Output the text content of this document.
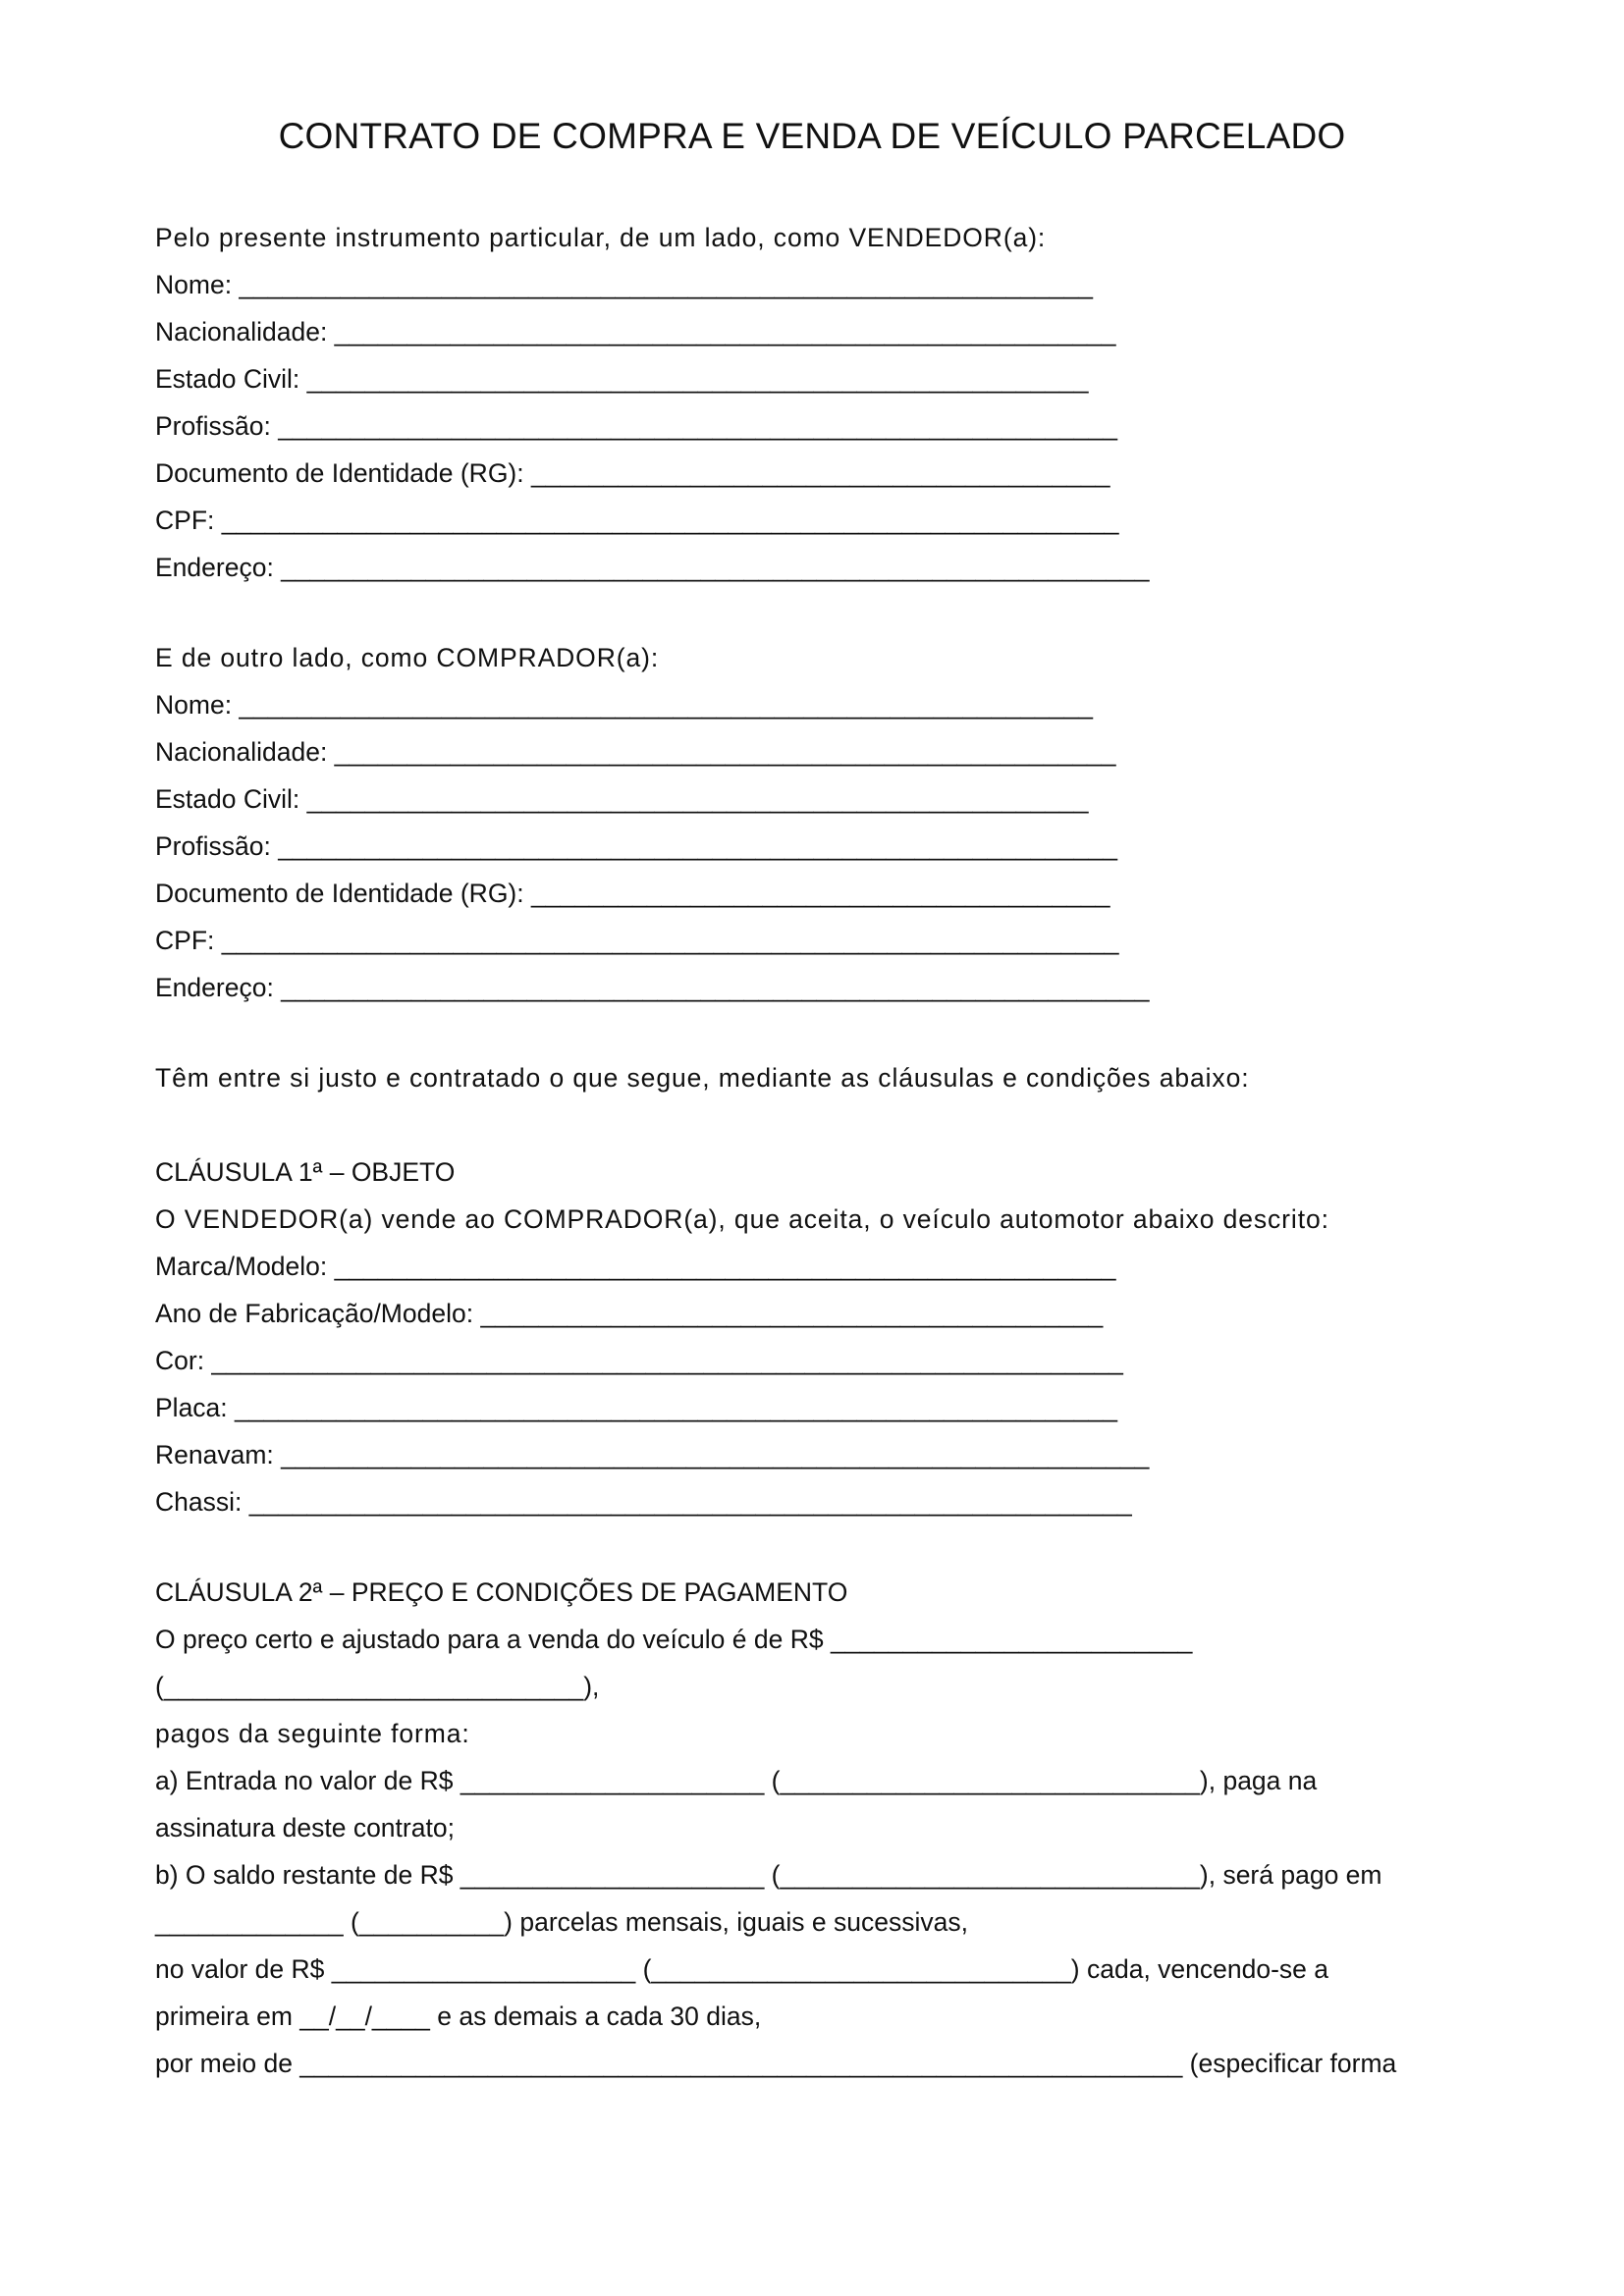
CONTRATO DE COMPRA E VENDA DE VEÍCULO PARCELADO
Pelo presente instrumento particular, de um lado, como VENDEDOR(a):
Nome: ___________________________________________________________
Nacionalidade: ______________________________________________________
Estado Civil: ______________________________________________________
Profissão: __________________________________________________________
Documento de Identidade (RG): ________________________________________
CPF: ______________________________________________________________
Endereço: ____________________________________________________________
E de outro lado, como COMPRADOR(a):
Nome: ___________________________________________________________
Nacionalidade: ______________________________________________________
Estado Civil: ______________________________________________________
Profissão: __________________________________________________________
Documento de Identidade (RG): ________________________________________
CPF: ______________________________________________________________
Endereço: ____________________________________________________________
Têm entre si justo e contratado o que segue, mediante as cláusulas e condições abaixo:
CLÁUSULA 1ª – OBJETO
O VENDEDOR(a) vende ao COMPRADOR(a), que aceita, o veículo automotor abaixo descrito:
Marca/Modelo: ______________________________________________________
Ano de Fabricação/Modelo: ___________________________________________
Cor: _______________________________________________________________
Placa: _____________________________________________________________
Renavam: ____________________________________________________________
Chassi: _____________________________________________________________
CLÁUSULA 2ª – PREÇO E CONDIÇÕES DE PAGAMENTO
O preço certo e ajustado para a venda do veículo é de R$ _________________________
(_____________________________),
pagos da seguinte forma:
a) Entrada no valor de R$ _____________________ (_____________________________), paga na
assinatura deste contrato;
b) O saldo restante de R$ _____________________ (_____________________________), será pago em
_____________ (__________) parcelas mensais, iguais e sucessivas,
no valor de R$ _____________________ (_____________________________) cada, vencendo-se a
primeira em __/__/____ e as demais a cada 30 dias,
por meio de _____________________________________________________________ (especificar forma
